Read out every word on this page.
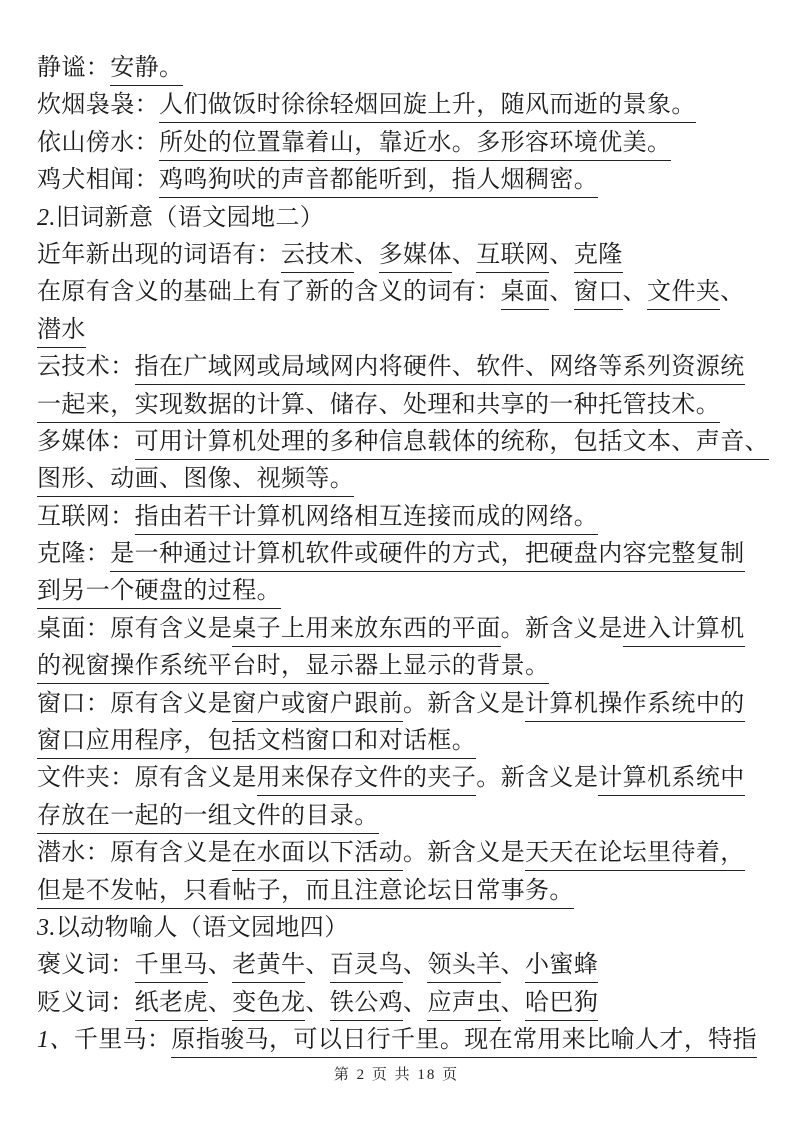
静谧：安静。
炊烟袅袅：人们做饭时徐徐轻烟回旋上升，随风而逝的景象。
依山傍水：所处的位置靠着山，靠近水。多形容环境优美。
鸡犬相闻：鸡鸣狗吠的声音都能听到，指人烟稠密。
2.旧词新意（语文园地二）
近年新出现的词语有：云技术、多媒体、互联网、克隆
在原有含义的基础上有了新的含义的词有：桌面、窗口、文件夹、
潜水
云技术：指在广域网或局域网内将硬件、软件、网络等系列资源统
一起来，实现数据的计算、储存、处理和共享的一种托管技术。
多媒体：可用计算机处理的多种信息载体的统称，包括文本、声音、
图形、动画、图像、视频等。
互联网：指由若干计算机网络相互连接而成的网络。
克隆：是一种通过计算机软件或硬件的方式，把硬盘内容完整复制
到另一个硬盘的过程。
桌面：原有含义是桌子上用来放东西的平面。新含义是进入计算机
的视窗操作系统平台时，显示器上显示的背景。
窗口：原有含义是窗户或窗户跟前。新含义是计算机操作系统中的
窗口应用程序，包括文档窗口和对话框。
文件夹：原有含义是用来保存文件的夹子。新含义是计算机系统中
存放在一起的一组文件的目录。
潜水：原有含义是在水面以下活动。新含义是天天在论坛里待着，
但是不发帖，只看帖子，而且注意论坛日常事务。
3.以动物喻人（语文园地四）
褒义词：千里马、老黄牛、百灵鸟、领头羊、小蜜蜂
贬义词：纸老虎、变色龙、铁公鸡、应声虫、哈巴狗
1、千里马：原指骏马，可以日行千里。现在常用来比喻人才，特指
第 2 页 共 18 页
